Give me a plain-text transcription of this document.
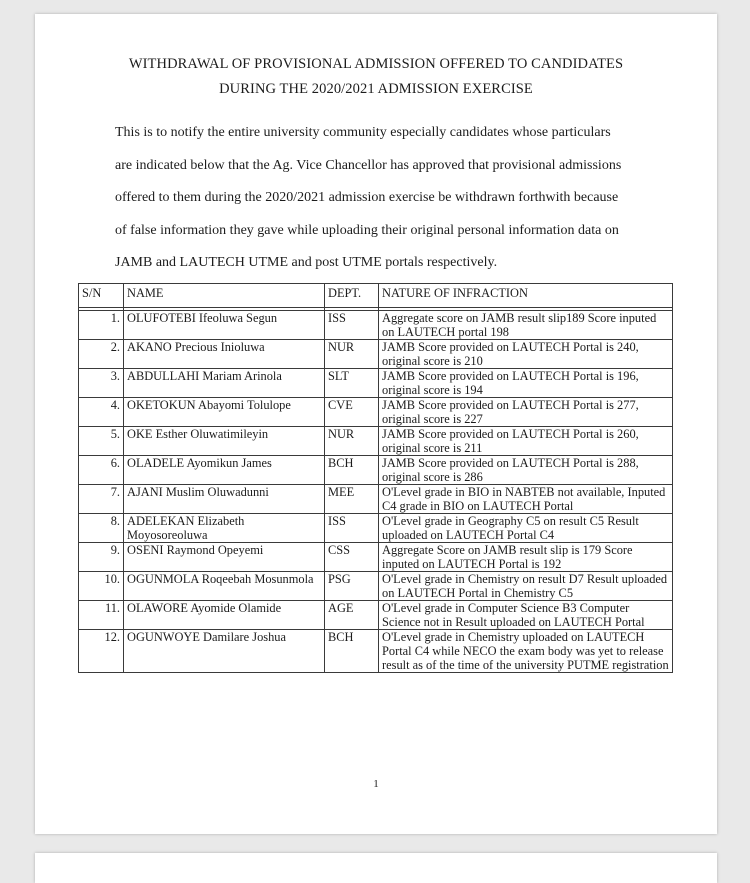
WITHDRAWAL OF PROVISIONAL ADMISSION OFFERED TO CANDIDATES
DURING THE 2020/2021 ADMISSION EXERCISE
This is to notify the entire university community especially candidates whose particulars
are indicated below that the Ag. Vice Chancellor has approved that provisional admissions
offered to them during the 2020/2021 admission exercise be withdrawn forthwith because
of false information they gave while uploading their original personal information data on
JAMB and LAUTECH UTME and post UTME portals respectively.
S/N	NAME	DEPT.	NATURE OF INFRACTION

1.	OLUFOTEBI Ifeoluwa Segun	ISS	Aggregate score on JAMB result slip189 Score inputed on LAUTECH portal 198
2.	AKANO Precious Inioluwa	NUR	JAMB Score provided on LAUTECH Portal is 240, original score is 210
3.	ABDULLAHI Mariam Arinola	SLT	JAMB Score provided on LAUTECH Portal is 196, original score is 194
4.	OKETOKUN Abayomi Tolulope	CVE	JAMB Score provided on LAUTECH Portal is 277, original score is 227
5.	OKE Esther Oluwatimileyin	NUR	JAMB Score provided on LAUTECH Portal is 260, original score is 211
6.	OLADELE Ayomikun James	BCH	JAMB Score provided on LAUTECH Portal is 288, original score is 286
7.	AJANI Muslim Oluwadunni	MEE	O'Level grade in BIO in NABTEB not available, Inputed C4 grade in BIO on LAUTECH Portal
8.	ADELEKAN Elizabeth Moyosoreoluwa	ISS	O'Level grade in Geography C5 on result C5 Result uploaded on LAUTECH Portal C4
9.	OSENI Raymond Opeyemi	CSS	Aggregate Score on JAMB result slip is 179 Score inputed on LAUTECH Portal is 192
10.	OGUNMOLA Roqeebah Mosunmola	PSG	O'Level grade in Chemistry on result D7 Result uploaded on LAUTECH Portal in Chemistry C5
11.	OLAWORE Ayomide Olamide	AGE	O'Level grade in Computer Science B3 Computer Science not in Result uploaded on LAUTECH Portal
12.	OGUNWOYE Damilare Joshua	BCH	O'Level grade in Chemistry uploaded on LAUTECH Portal C4 while NECO the exam body was yet to release result as of the time of the university PUTME registration
1
